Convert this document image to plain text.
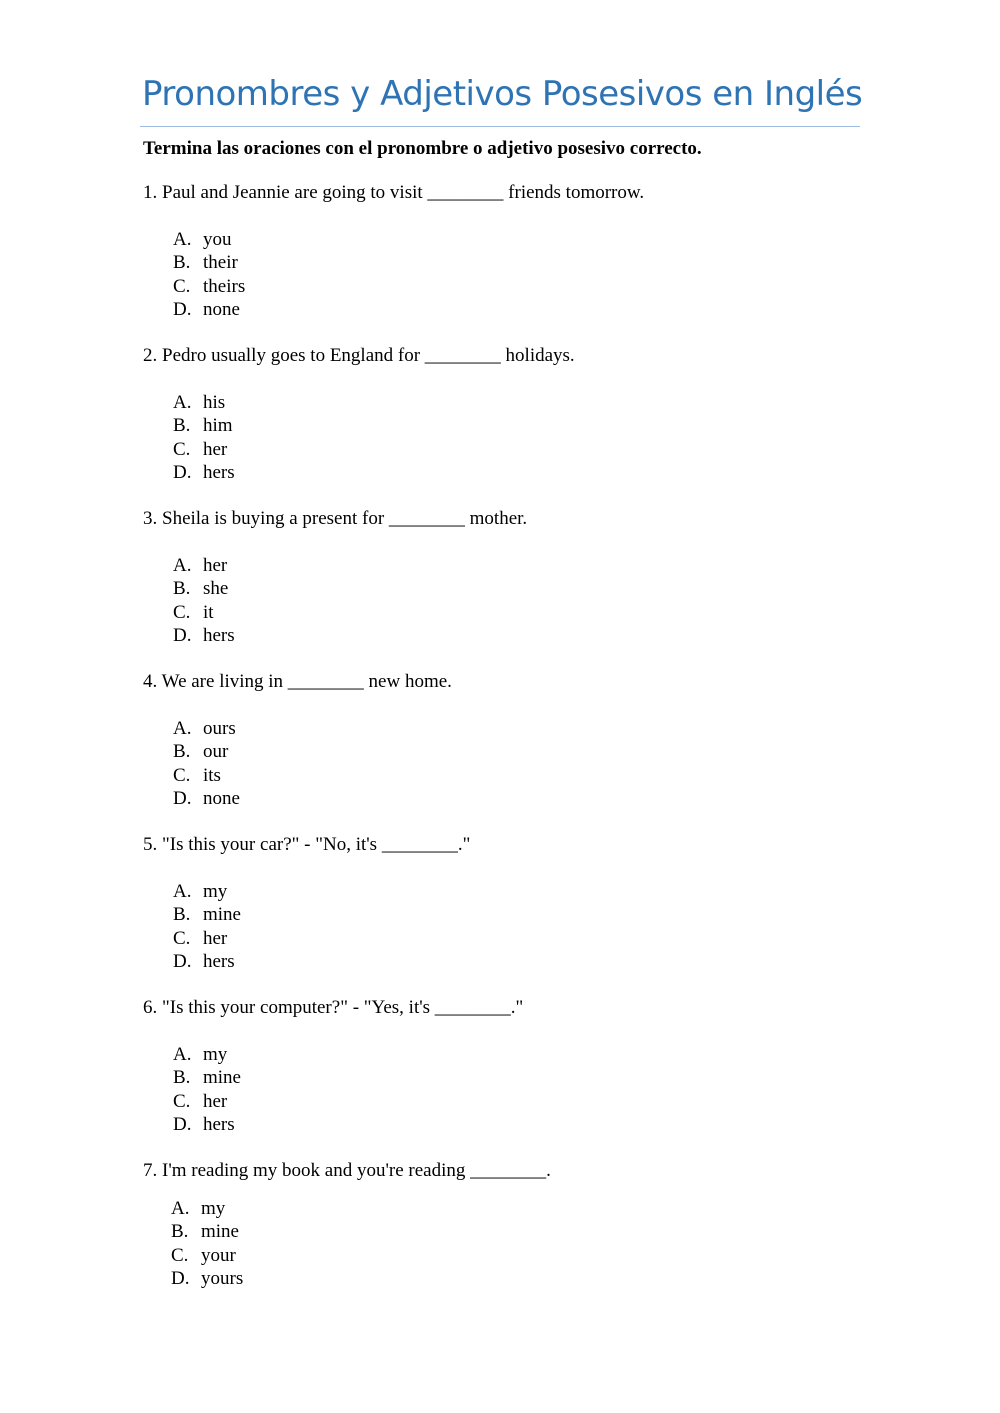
Pronombres y Adjetivos Posesivos en Inglés
Termina las oraciones con el pronombre o adjetivo posesivo correcto.
1. Paul and Jeannie are going to visit ________ friends tomorrow.
A. you
B. their
C. theirs
D. none
2. Pedro usually goes to England for ________ holidays.
A. his
B. him
C. her
D. hers
3. Sheila is buying a present for ________ mother.
A. her
B. she
C. it
D. hers
4. We are living in ________ new home.
A. ours
B. our
C. its
D. none
5. "Is this your car?" - "No, it's ________."
A. my
B. mine
C. her
D. hers
6. "Is this your computer?" - "Yes, it's ________."
A. my
B. mine
C. her
D. hers
7. I'm reading my book and you're reading ________.
A. my
B. mine
C. your
D. yours
